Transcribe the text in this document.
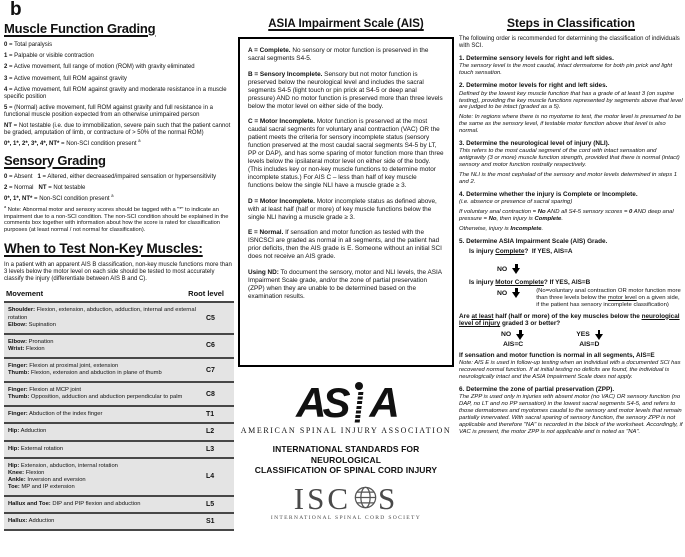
b
Muscle Function Grading
0 = Total paralysis
1 = Palpable or visible contraction
2 = Active movement, full range of motion (ROM) with gravity eliminated
3 = Active movement, full ROM against gravity
4 = Active movement, full ROM against gravity and moderate resistance in a muscle specific position
5 = (Normal) active movement, full ROM against gravity and full resistance in a functional muscle position expected from an otherwise unimpaired person
NT = Not testable (i.e. due to immobilization, severe pain such that the patient cannot be graded, amputation of limb, or contracture of > 50% of the normal ROM)
0*, 1*, 2*, 3*, 4*, NT* = Non-SCI condition present $^a$
Sensory Grading
0 = Absent   1 = Altered, either decreased/impaired sensation or hypersensitivity
2 = Normal   NT = Not testable
0*, 1*, NT* = Non-SCI condition present $^a$
$^a$ Note: Abnormal motor and sensory scores should be tagged with a "*" to indicate an impairment due to a non-SCI condition. The non-SCI condition should be explained in the comments box together with information about how the score is rated for classification purposes (at least normal / not normal for classification).
When to Test Non-Key Muscles:
In a patient with an apparent AIS B classification, non-key muscle functions more than 3 levels below the motor level on each side should be tested to most accurately classify the injury (differentiate between AIS B and C).
Movement	Root level
Shoulder: Flexion, extension, abduction, adduction, internal and external rotation
Elbow: Supination
C5
Elbow: Pronation
Wrist: Flexion	C6
Finger: Flexion at proximal joint, extension
Thumb: Flexion, extension and abduction in plane of thumb	C7
Finger: Flexion at MCP joint
Thumb: Opposition, adduction and abduction perpendicular to palm	C8
Finger: Abduction of the index finger	T1
Hip: Adduction	L2
Hip: External rotation	L3
Hip: Extension, abduction, internal rotation
Knee: Flexion
Ankle: Inversion and eversion
Toe: MP and IP extension
L4
Hallux and Toe: DIP and PIP flexion and abduction	L5
Hallux: Adduction	S1
ASIA Impairment Scale (AIS)
A = Complete. No sensory or motor function is preserved in the sacral segments S4-5.
B = Sensory Incomplete. Sensory but not motor function is preserved below the neurological level and includes the sacral segments S4-5 (light touch or pin prick at S4-5 or deep anal pressure) AND no motor function is preserved more than three levels below the motor level on either side of the body.
C = Motor Incomplete. Motor function is preserved at the most caudal sacral segments for voluntary anal contraction (VAC) OR the patient meets the criteria for sensory incomplete status (sensory function preserved at the most caudal sacral segments S4-5 by LT, PP or DAP), and has some sparing of motor function more than three levels below the ipsilateral motor level on either side of the body. (This includes key or non-key muscle functions to determine motor incomplete status.) For AIS C – less than half of key muscle functions below the single NLI have a muscle grade ≥ 3.
D = Motor Incomplete. Motor incomplete status as defined above, with at least half (half or more) of key muscle functions below the single NLI having a muscle grade ≥ 3.
E = Normal. If sensation and motor function as tested with the ISNCSCI are graded as normal in all segments, and the patient had prior deficits, then the AIS grade is E. Someone without an initial SCI does not receive an AIS grade.
Using ND: To document the sensory, motor and NLI levels, the ASIA Impairment Scale grade, and/or the zone of partial preservation (ZPP) when they are unable to be determined based on the examination results.
AS A
AMERICAN SPINAL INJURY ASSOCIATION
INTERNATIONAL STANDARDS FOR NEUROLOGICAL
CLASSIFICATION OF SPINAL CORD INJURY
ISC S
INTERNATIONAL SPINAL CORD SOCIETY
Steps in Classification
The following order is recommended for determining the classification of individuals with SCI.
1. Determine sensory levels for right and left sides.
The sensory level is the most caudal, intact dermatome for both pin prick and light touch sensation.
2. Determine motor levels for right and left sides.
Defined by the lowest key muscle function that has a grade of at least 3 (on supine testing), providing the key muscle functions represented by segments above that level are judged to be intact (graded as a 5).
Note: In regions where there is no myotome to test, the motor level is presumed to be the same as the sensory level, if testable motor function above that level is also normal.
3. Determine the neurological level of injury (NLI).
This refers to the most caudal segment of the cord with intact sensation and antigravity (3 or more) muscle function strength, provided that there is normal (intact) sensory and motor function rostrally respectively.
The NLI is the most cephalad of the sensory and motor levels determined in steps 1 and 2.
4. Determine whether the injury is Complete or Incomplete.
(i.e. absence or presence of sacral sparing)
If voluntary anal contraction = No AND all S4-5 sensory scores = 0 AND deep anal pressure = No, then injury is Complete.
Otherwise, injury is Incomplete.
5. Determine ASIA Impairment Scale (AIS) Grade.
Is injury Complete?  If YES, AIS=A
NO
Is injury Motor Complete? If YES, AIS=B
NO	(No=voluntary anal contraction OR motor function more than three levels below the motor level on a given side, if the patient has sensory incomplete classification)
Are at least half (half or more) of the key muscles below the neurological level of injury graded 3 or better?
NO	YES
AIS=C	AIS=D
If sensation and motor function is normal in all segments, AIS=E
Note: AIS E is used in follow-up testing when an individual with a documented SCI has recovered normal function. If at initial testing no deficits are found, the individual is neurologically intact and the ASIA Impairment Scale does not apply.
6. Determine the zone of partial preservation (ZPP).
The ZPP is used only in injuries with absent motor (no VAC) OR sensory function (no DAP, no LT and no PP sensation) in the lowest sacral segments S4-5, and refers to those dermatomes and myotomes caudal to the sensory and motor levels that remain partially innervated. With sacral sparing of sensory function, the sensory ZPP is not applicable and therefore "NA" is recorded in the block of the worksheet. Accordingly, if VAC is present, the motor ZPP is not applicable and is noted as "NA".
